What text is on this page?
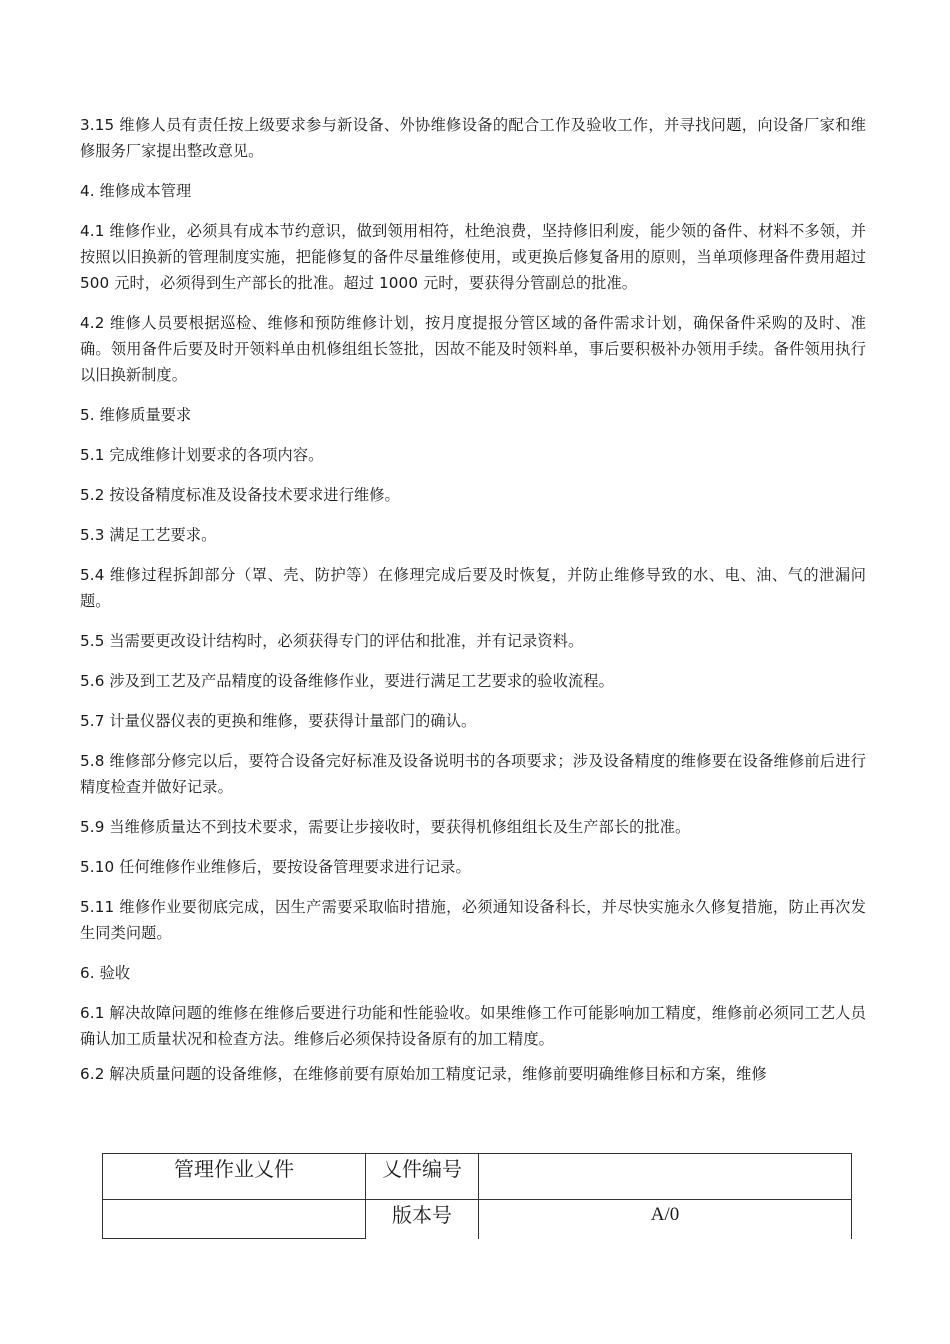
3.15 维修人员有责任按上级要求参与新设备、外协维修设备的配合工作及验收工作，并寻找问题，向设备厂家和维修服务厂家提出整改意见。

4. 维修成本管理

4.1 维修作业，必须具有成本节约意识，做到领用相符，杜绝浪费，坚持修旧利废，能少领的备件、材料不多领，并按照以旧换新的管理制度实施，把能修复的备件尽量维修使用，或更换后修复备用的原则，当单项修理备件费用超过 500 元时，必须得到生产部长的批准。超过 1000 元时，要获得分管副总的批准。

4.2 维修人员要根据巡检、维修和预防维修计划，按月度提报分管区域的备件需求计划，确保备件采购的及时、准确。领用备件后要及时开领料单由机修组组长签批，因故不能及时领料单，事后要积极补办领用手续。备件领用执行以旧换新制度。

5. 维修质量要求

5.1 完成维修计划要求的各项内容。

5.2 按设备精度标准及设备技术要求进行维修。

5.3 满足工艺要求。

5.4 维修过程拆卸部分（罩、壳、防护等）在修理完成后要及时恢复，并防止维修导致的水、电、油、气的泄漏问题。

5.5 当需要更改设计结构时，必须获得专门的评估和批准，并有记录资料。

5.6 涉及到工艺及产品精度的设备维修作业，要进行满足工艺要求的验收流程。

5.7 计量仪器仪表的更换和维修，要获得计量部门的确认。

5.8 维修部分修完以后，要符合设备完好标准及设备说明书的各项要求；涉及设备精度的维修要在设备维修前后进行精度检查并做好记录。

5.9 当维修质量达不到技术要求，需要让步接收时，要获得机修组组长及生产部长的批准。

5.10 任何维修作业维修后，要按设备管理要求进行记录。

5.11 维修作业要彻底完成，因生产需要采取临时措施，必须通知设备科长，并尽快实施永久修复措施，防止再次发生同类问题。

6. 验收

6.1 解决故障问题的维修在维修后要进行功能和性能验收。如果维修工作可能影响加工精度，维修前必须同工艺人员确认加工质量状况和检查方法。维修后必须保持设备原有的加工精度。

6.2 解决质量问题的设备维修，在维修前要有原始加工精度记录，维修前要明确维修目标和方案，维修

管理作业乂件	乂件编号	
	版本号	A/0
